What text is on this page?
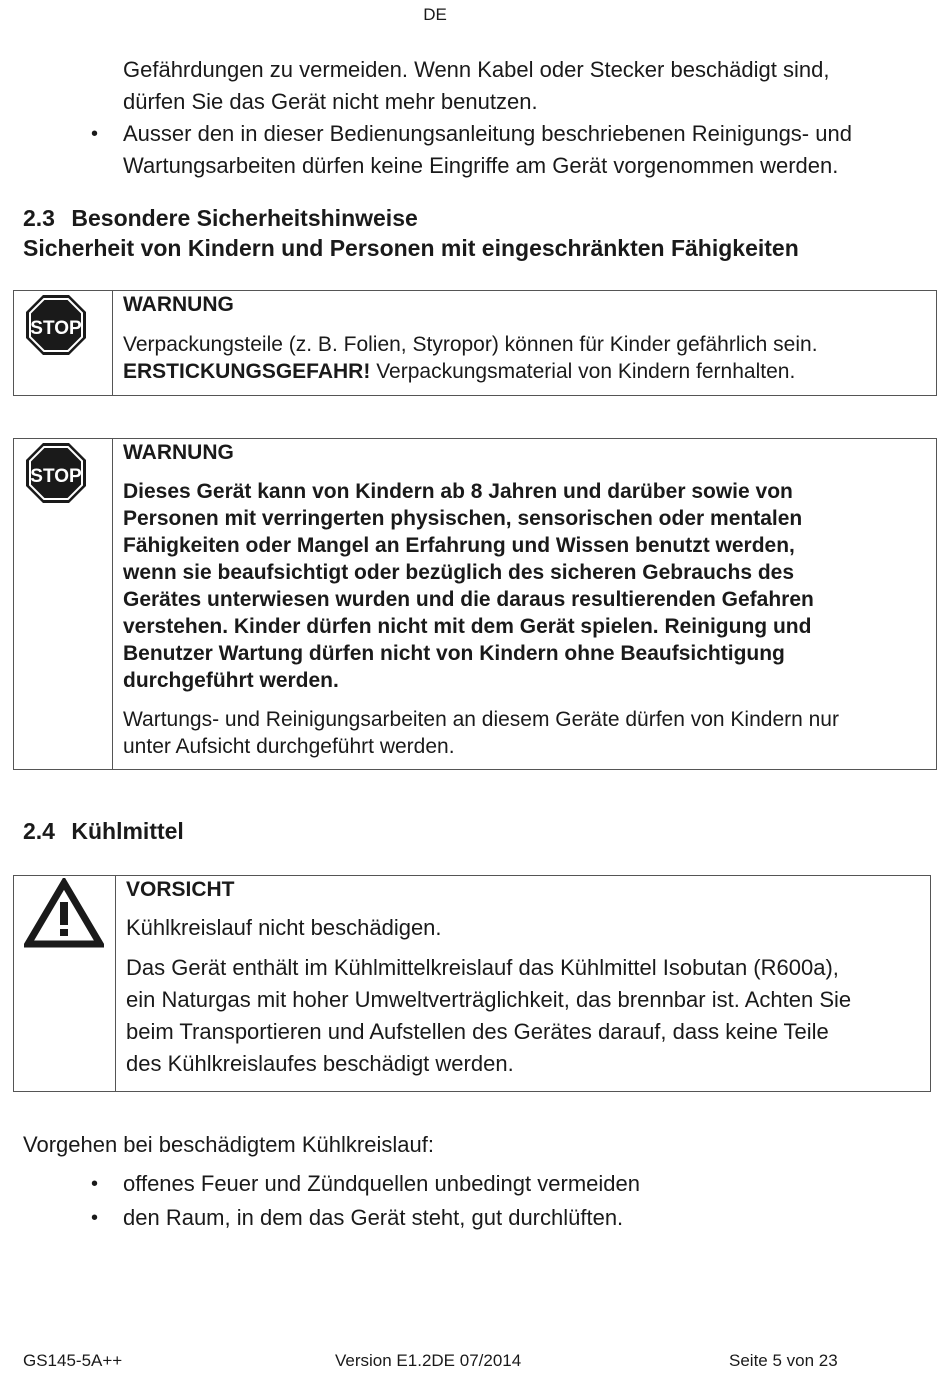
DE
Gefährdungen zu vermeiden. Wenn Kabel oder Stecker beschädigt sind,
dürfen Sie das Gerät nicht mehr benutzen.
• Ausser den in dieser Bedienungsanleitung beschriebenen Reinigungs- und
Wartungsarbeiten dürfen keine Eingriffe am Gerät vorgenommen werden.
2.3 Besondere Sicherheitshinweise
Sicherheit von Kindern und Personen mit eingeschränkten Fähigkeiten
STOP
WARNUNG
Verpackungsteile (z. B. Folien, Styropor) können für Kinder gefährlich sein.
ERSTICKUNGSGEFAHR! Verpackungsmaterial von Kindern fernhalten.
STOP
WARNUNG
Dieses Gerät kann von Kindern ab 8 Jahren und darüber sowie von
Personen mit verringerten physischen, sensorischen oder mentalen
Fähigkeiten oder Mangel an Erfahrung und Wissen benutzt werden,
wenn sie beaufsichtigt oder bezüglich des sicheren Gebrauchs des
Gerätes unterwiesen wurden und die daraus resultierenden Gefahren
verstehen. Kinder dürfen nicht mit dem Gerät spielen. Reinigung und
Benutzer Wartung dürfen nicht von Kindern ohne Beaufsichtigung
durchgeführt werden.
Wartungs- und Reinigungsarbeiten an diesem Geräte dürfen von Kindern nur
unter Aufsicht durchgeführt werden.
2.4 Kühlmittel
VORSICHT
Kühlkreislauf nicht beschädigen.
Das Gerät enthält im Kühlmittelkreislauf das Kühlmittel Isobutan (R600a),
ein Naturgas mit hoher Umweltverträglichkeit, das brennbar ist. Achten Sie
beim Transportieren und Aufstellen des Gerätes darauf, dass keine Teile
des Kühlkreislaufes beschädigt werden.
Vorgehen bei beschädigtem Kühlkreislauf:
• offenes Feuer und Zündquellen unbedingt vermeiden
• den Raum, in dem das Gerät steht, gut durchlüften.
GS145-5A++	Version E1.2DE 07/2014	Seite 5 von 23
